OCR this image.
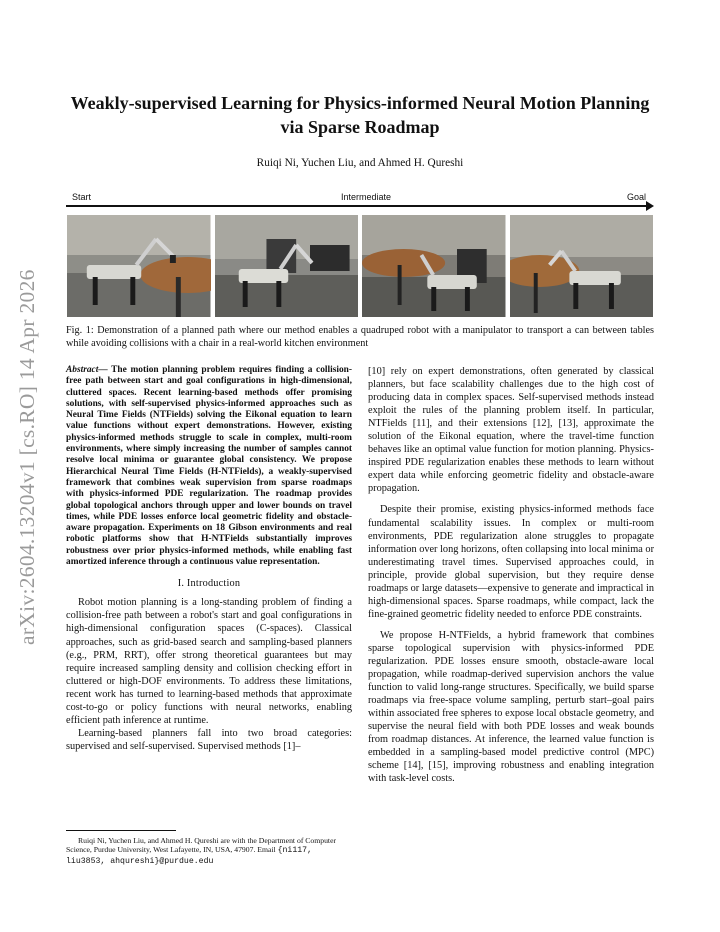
arXiv:2604.13204v1 [cs.RO] 14 Apr 2026
Weakly-supervised Learning for Physics-informed Neural Motion Planning via Sparse Roadmap
Ruiqi Ni, Yuchen Liu, and Ahmed H. Qureshi
Start	Intermediate	Goal
Fig. 1: Demonstration of a planned path where our method enables a quadruped robot with a manipulator to transport a can between tables while avoiding collisions with a chair in a real-world kitchen environment

Abstract— The motion planning problem requires finding a collision-free path between start and goal configurations in high-dimensional, cluttered spaces. Recent learning-based methods offer promising solutions, with self-supervised physics-informed approaches such as Neural Time Fields (NTFields) solving the Eikonal equation to learn value functions without expert demonstrations. However, existing physics-informed methods struggle to scale in complex, multi-room environments, where simply increasing the number of samples cannot resolve local minima or guarantee global consistency. We propose Hierarchical Neural Time Fields (H-NTFields), a weakly-supervised framework that combines weak supervision from sparse roadmaps with physics-informed PDE regularization. The roadmap provides global topological anchors through upper and lower bounds on travel times, while PDE losses enforce local geometric fidelity and obstacle-aware propagation. Experiments on 18 Gibson environments and real robotic platforms show that H-NTFields substantially improves robustness over prior physics-informed methods, while enabling fast amortized inference through a continuous value representation.

I. Introduction

Robot motion planning is a long-standing problem of finding a collision-free path between a robot's start and goal configurations in high-dimensional configuration spaces (C-spaces). Classical approaches, such as grid-based search and sampling-based planners (e.g., PRM, RRT), offer strong theoretical guarantees but may require increased sampling density and collision checking effort in cluttered or high-DOF environments. To address these limitations, recent work has turned to learning-based methods that approximate cost-to-go or policy functions with neural networks, enabling efficient path inference at runtime.

Learning-based planners fall into two broad categories: supervised and self-supervised. Supervised methods [1]–

[10] rely on expert demonstrations, often generated by classical planners, but face scalability challenges due to the high cost of producing data in complex spaces. Self-supervised methods instead exploit the rules of the planning problem itself. In particular, NTFields [11], and their extensions [12], [13], approximate the solution of the Eikonal equation, where the travel-time function behaves like an optimal value function for motion planning. Physics-inspired PDE regularization enables these methods to learn without expert data while enforcing geometric fidelity and obstacle-aware propagation.

Despite their promise, existing physics-informed methods face fundamental scalability issues. In complex or multi-room environments, PDE regularization alone struggles to propagate information over long horizons, often collapsing into local minima or underestimating travel times. Supervised approaches could, in principle, provide global supervision, but they require dense roadmaps or large datasets—expensive to generate and impractical in high-dimensional spaces. Sparse roadmaps, while compact, lack the fine-grained geometric fidelity needed to enforce PDE constraints.

We propose H-NTFields, a hybrid framework that combines sparse topological supervision with physics-informed PDE regularization. PDE losses ensure smooth, obstacle-aware local propagation, while roadmap-derived supervision anchors the value function to valid long-range structures. Specifically, we build sparse roadmaps via free-space volume sampling, perturb start–goal pairs within associated free spheres to expose local obstacle geometry, and supervise the neural field with both PDE losses and weak bounds from roadmap distances. At inference, the learned value function is embedded in a sampling-based model predictive control (MPC) scheme [14], [15], improving robustness and enabling integration with task-level costs.

Ruiqi Ni, Yuchen Liu, and Ahmed H. Qureshi are with the Department of Computer Science, Purdue University, West Lafayette, IN, USA, 47907. Email {ni117, liu3853, ahqureshi}@purdue.edu
